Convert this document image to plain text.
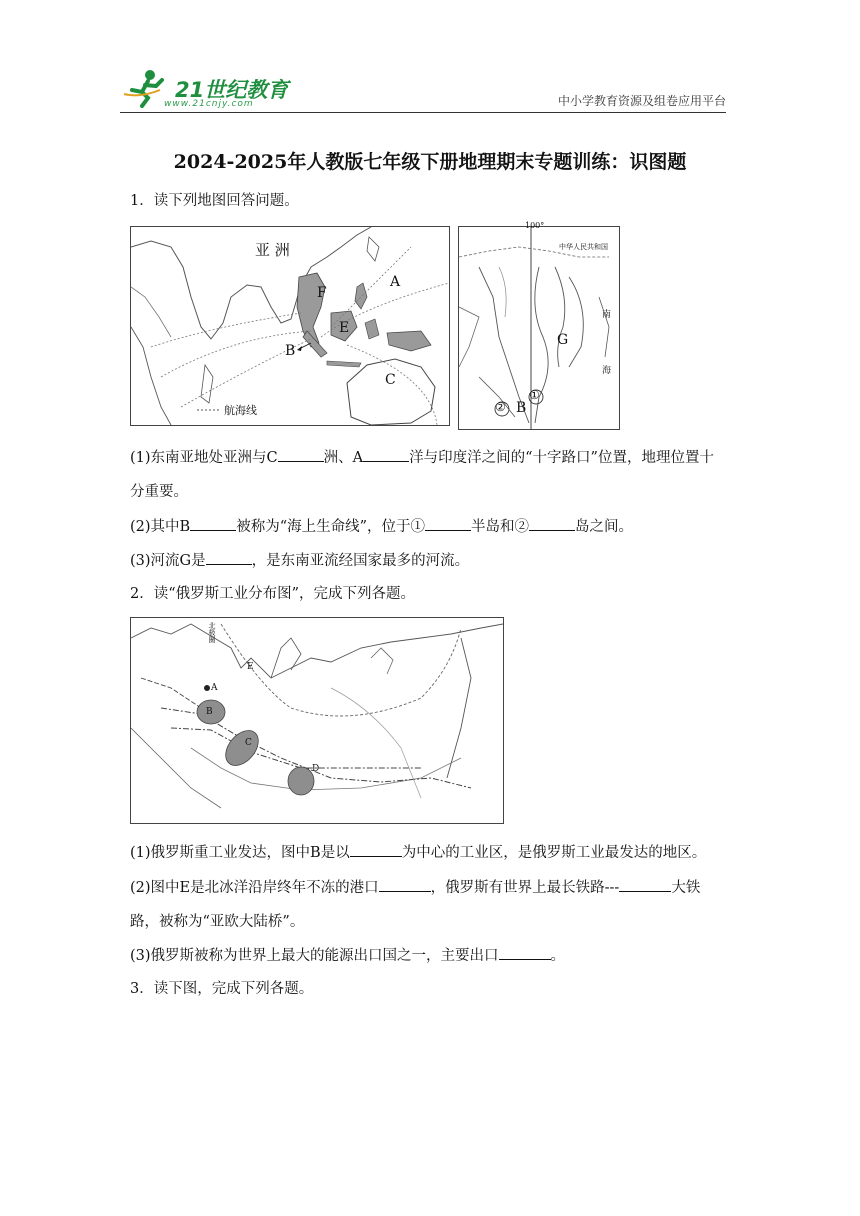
21世纪教育
www.21cnjy.com	中小学教育资源及组卷应用平台
2024-2025年人教版七年级下册地理期末专题训练：识图题
1．读下列地图回答问题。
亚 洲
A
F
E
B
C
航海线
100°
中华人民共和国
南
海
G
B
①
②
(1)东南亚地处亚洲与C	洲、A	洋与印度洋之间的“十字路口”位置，地理位置十
分重要。
(2)其中B	被称为“海上生命线”，位于①	半岛和②	岛之间。
(3)河流G是	，是东南亚流经国家最多的河流。
2．读“俄罗斯工业分布图”，完成下列各题。
北极圈
E
A
B
C
D
(1)俄罗斯重工业发达，图中B是以	为中心的工业区，是俄罗斯工业最发达的地区。
(2)图中E是北冰洋沿岸终年不冻的港口	，俄罗斯有世界上最长铁路---	大铁
路，被称为“亚欧大陆桥”。
(3)俄罗斯被称为世界上最大的能源出口国之一，主要出口	。
3．读下图，完成下列各题。
